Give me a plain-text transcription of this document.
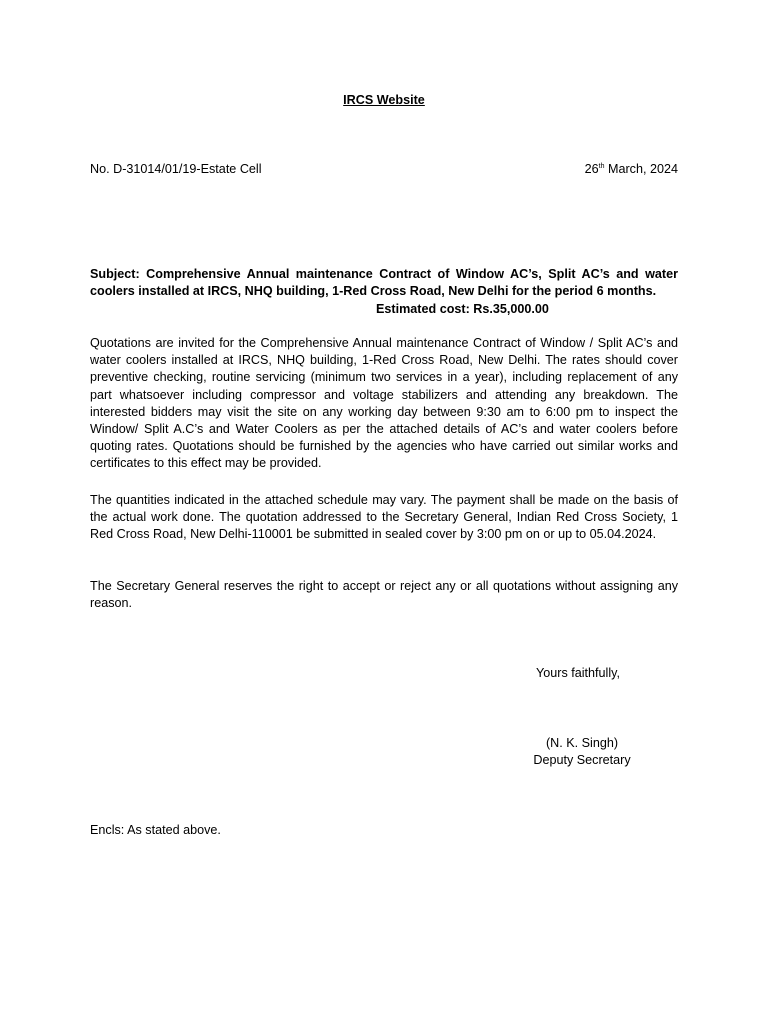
IRCS Website
No. D-31014/01/19-Estate Cell	26th March, 2024
Subject: Comprehensive Annual maintenance Contract of Window AC’s, Split AC’s and water coolers installed at IRCS, NHQ building, 1-Red Cross Road, New Delhi for the period 6 months.
Estimated cost: Rs.35,000.00

Quotations are invited for the Comprehensive Annual maintenance Contract of Window / Split AC’s and water coolers installed at IRCS, NHQ building, 1-Red Cross Road, New Delhi. The rates should cover preventive checking, routine servicing (minimum two services in a year), including replacement of any part whatsoever including compressor and voltage stabilizers and attending any breakdown. The interested bidders may visit the site on any working day between 9:30 am to 6:00 pm to inspect the Window/ Split A.C’s and Water Coolers as per the attached details of AC’s and water coolers before quoting rates. Quotations should be furnished by the agencies who have carried out similar works and certificates to this effect may be provided.

The quantities indicated in the attached schedule may vary. The payment shall be made on the basis of the actual work done. The quotation addressed to the Secretary General, Indian Red Cross Society, 1 Red Cross Road, New Delhi-110001 be submitted in sealed cover by 3:00 pm on or up to 05.04.2024.

The Secretary General reserves the right to accept or reject any or all quotations without assigning any reason.

Yours faithfully,
(N. K. Singh)
Deputy Secretary
Encls: As stated above.
